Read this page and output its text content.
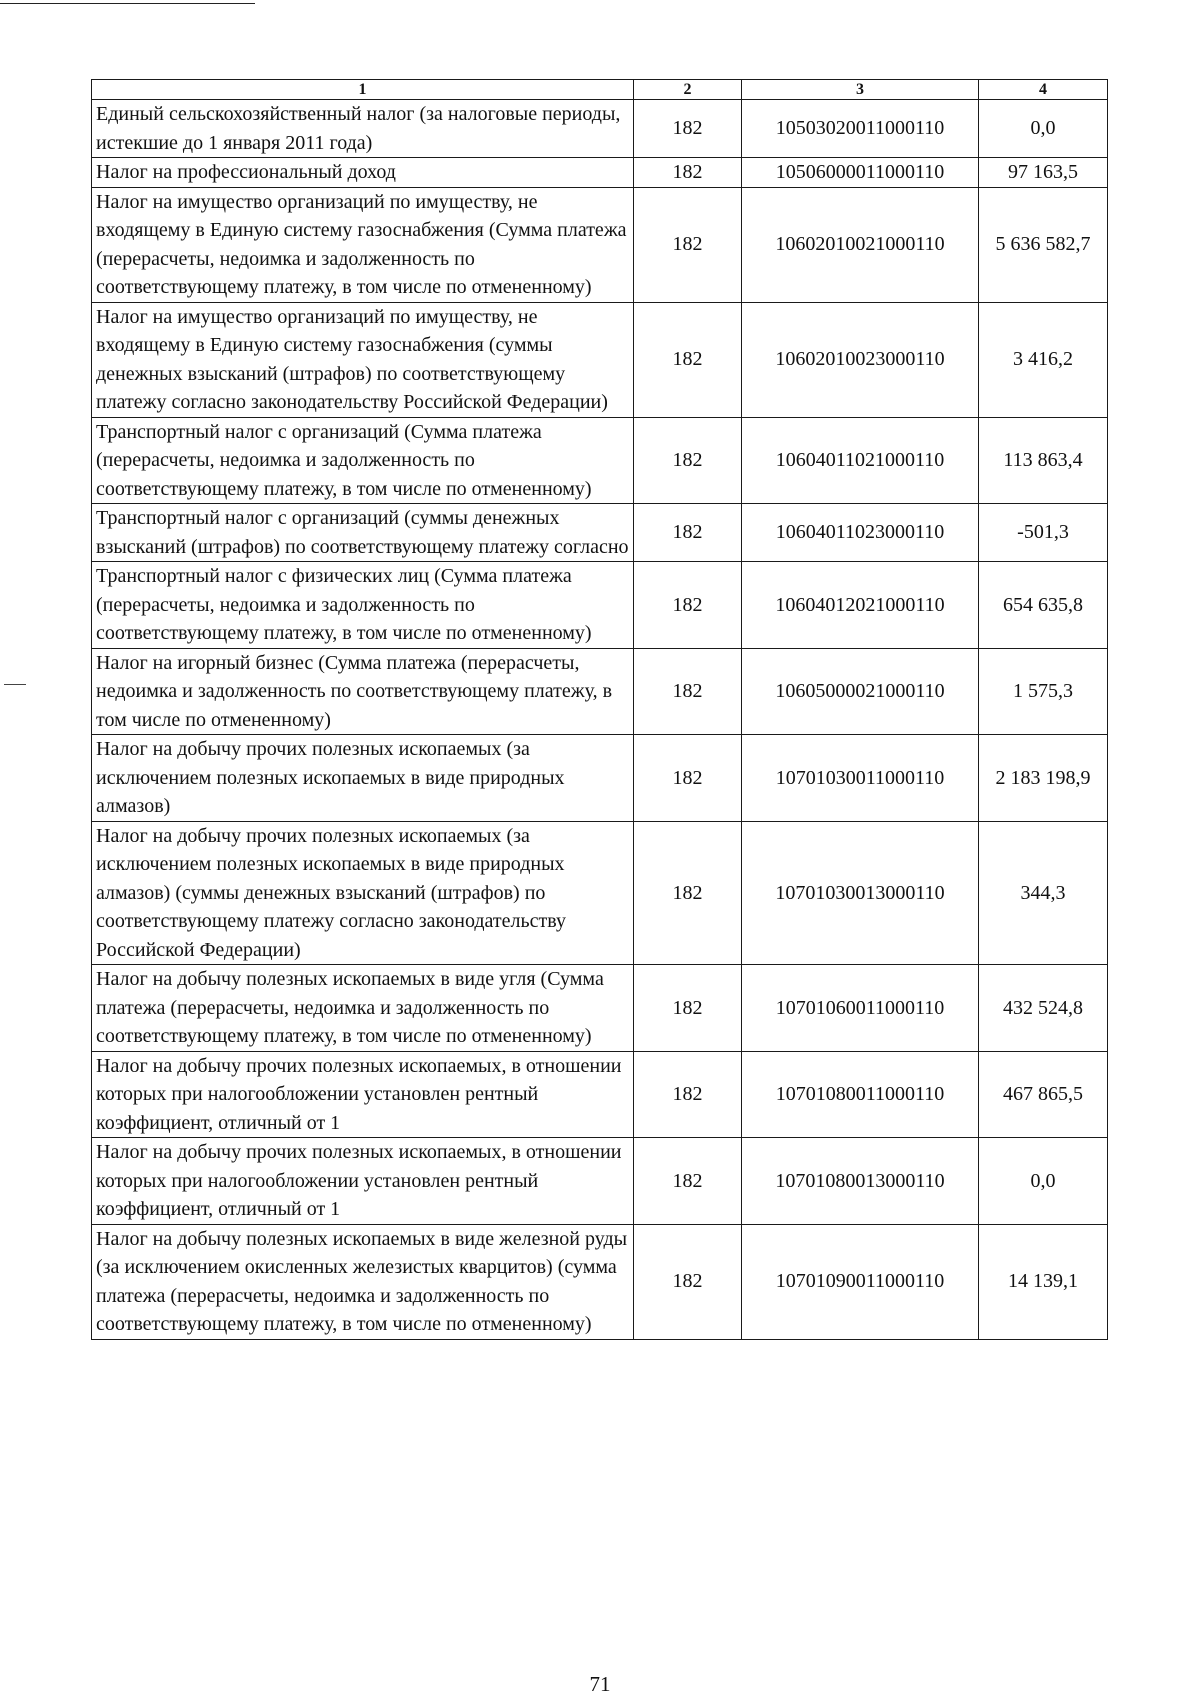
1	2	3	4
Единый сельскохозяйственный налог (за налоговые периоды, истекшие до 1 января 2011 года)	182	10503020011000110	0,0
Налог на профессиональный доход	182	10506000011000110	97 163,5
Налог на имущество организаций по имуществу, не входящему в Единую систему газоснабжения (Сумма платежа (перерасчеты, недоимка и задолженность по соответствующему платежу, в том числе по отмененному)	182	10602010021000110	5 636 582,7
Налог на имущество организаций по имуществу, не входящему в Единую систему газоснабжения (суммы денежных взысканий (штрафов) по соответствующему платежу согласно законодательству Российской Федерации)	182	10602010023000110	3 416,2
Транспортный налог с организаций (Сумма платежа (перерасчеты, недоимка и задолженность по соответствующему платежу, в том числе по отмененному)	182	10604011021000110	113 863,4
Транспортный налог с организаций (суммы денежных взысканий (штрафов) по соответствующему платежу согласно	182	10604011023000110	-501,3
Транспортный налог с физических лиц (Сумма платежа (перерасчеты, недоимка и задолженность по соответствующему платежу, в том числе по отмененному)	182	10604012021000110	654 635,8
Налог на игорный бизнес (Сумма платежа (перерасчеты, недоимка и задолженность по соответствующему платежу, в том числе по отмененному)	182	10605000021000110	1 575,3
Налог на добычу прочих полезных ископаемых (за исключением полезных ископаемых в виде природных алмазов)	182	10701030011000110	2 183 198,9
Налог на добычу прочих полезных ископаемых (за исключением полезных ископаемых в виде природных алмазов) (суммы денежных взысканий (штрафов) по соответствующему платежу согласно законодательству Российской Федерации)	182	10701030013000110	344,3
Налог на добычу полезных ископаемых в виде угля (Сумма платежа (перерасчеты, недоимка и задолженность по соответствующему платежу, в том числе по отмененному)	182	10701060011000110	432 524,8
Налог на добычу прочих полезных ископаемых, в отношении которых при налогообложении установлен рентный коэффициент, отличный от 1	182	10701080011000110	467 865,5
Налог на добычу прочих полезных ископаемых, в отношении которых при налогообложении установлен рентный коэффициент, отличный от 1	182	10701080013000110	0,0
Налог на добычу полезных ископаемых в виде железной руды (за исключением окисленных железистых кварцитов) (сумма платежа (перерасчеты, недоимка и задолженность по соответствующему платежу, в том числе по отмененному)	182	10701090011000110	14 139,1
71
